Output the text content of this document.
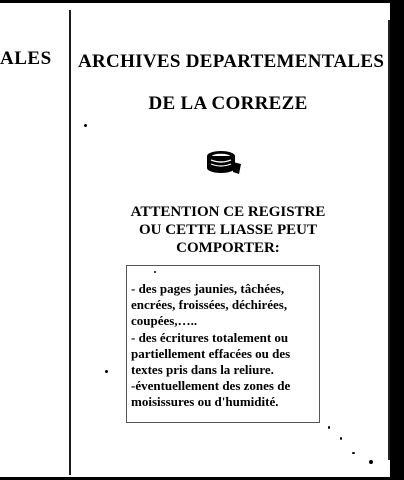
ALES ARCHIVES DEPARTEMENTALES
DE LA CORREZE
ATTENTION CE REGISTRE
OU CETTE LIASSE PEUT
COMPORTER:
- des pages jaunies, tâchées,
encrées, froissées, déchirées,
coupées,…..
- des écritures totalement ou
partiellement effacées ou des
textes pris dans la reliure.
-éventuellement des zones de
moisissures ou d'humidité.
